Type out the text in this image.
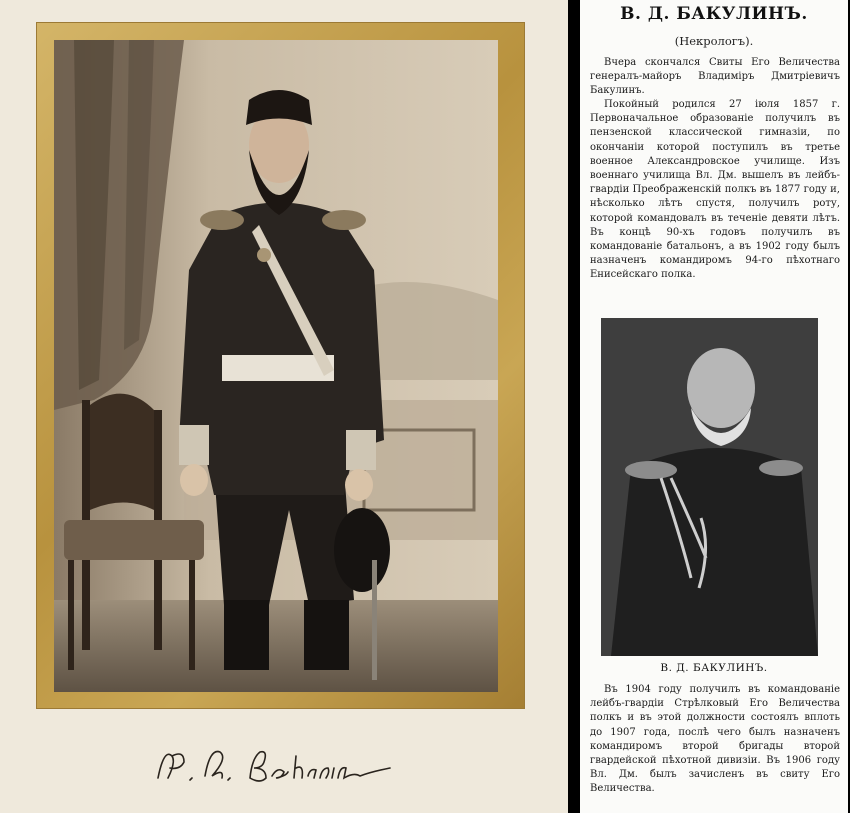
В. Д. БАКУЛИНЪ.
(Некрологъ).

Вчера скончался Свиты Его Величества генералъ-майоръ Владиміръ Дмитріевичъ Бакулинъ.

Покойный родился 27 іюля 1857 г. Первоначальное образованіе получилъ въ пензенской классической гимназіи, по окончаніи которой поступилъ въ третье военное Александровское училище. Изъ военнаго училища Вл. Дм. вышелъ въ лейбъ-гвардіи Преображенскій полкъ въ 1877 году и, нѣсколько лѣтъ спустя, получилъ роту, которой командовалъ въ теченіе девяти лѣтъ. Въ концѣ 90-хъ годовъ получилъ въ командованіе батальонъ, а въ 1902 году былъ назначенъ командиромъ 94-го пѣхотнаго Енисейскаго полка.

В. Д. БАКУЛИНЪ.

Въ 1904 году получилъ въ командованіе лейбъ-гвардіи Стрѣлковый Его Величества полкъ и въ этой должности состоялъ вплоть до 1907 года, послѣ чего былъ назначенъ командиромъ второй бригады второй гвардейской пѣхотной дивизіи. Въ 1906 году Вл. Дм. былъ зачисленъ въ свиту Его Величества.
